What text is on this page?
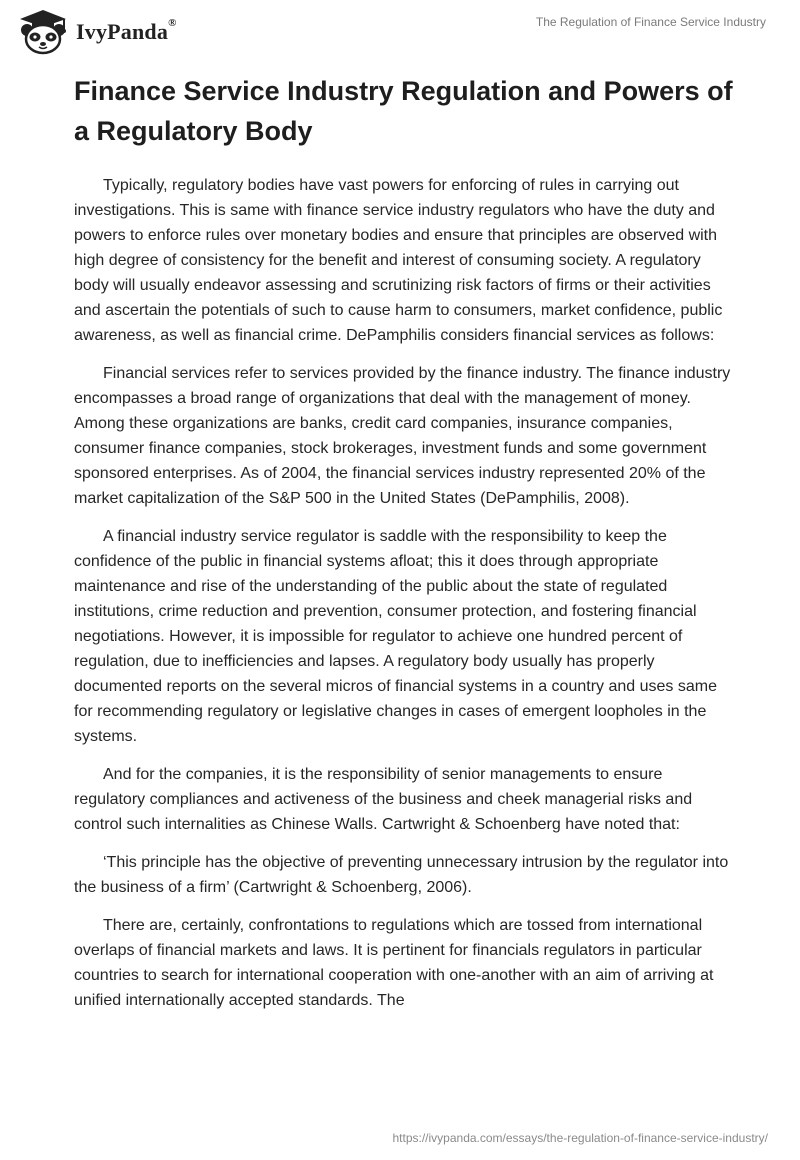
IvyPanda®	The Regulation of Finance Service Industry
Finance Service Industry Regulation and Powers of a Regulatory Body

Typically, regulatory bodies have vast powers for enforcing of rules in carrying out investigations. This is same with finance service industry regulators who have the duty and powers to enforce rules over monetary bodies and ensure that principles are observed with high degree of consistency for the benefit and interest of consuming society. A regulatory body will usually endeavor assessing and scrutinizing risk factors of firms or their activities and ascertain the potentials of such to cause harm to consumers, market confidence, public awareness, as well as financial crime. DePamphilis considers financial services as follows:

Financial services refer to services provided by the finance industry. The finance industry encompasses a broad range of organizations that deal with the management of money. Among these organizations are banks, credit card companies, insurance companies, consumer finance companies, stock brokerages, investment funds and some government sponsored enterprises. As of 2004, the financial services industry represented 20% of the market capitalization of the S&P 500 in the United States (DePamphilis, 2008).

A financial industry service regulator is saddle with the responsibility to keep the confidence of the public in financial systems afloat; this it does through appropriate maintenance and rise of the understanding of the public about the state of regulated institutions, crime reduction and prevention, consumer protection, and fostering financial negotiations. However, it is impossible for regulator to achieve one hundred percent of regulation, due to inefficiencies and lapses. A regulatory body usually has properly documented reports on the several micros of financial systems in a country and uses same for recommending regulatory or legislative changes in cases of emergent loopholes in the systems.

And for the companies, it is the responsibility of senior managements to ensure regulatory compliances and activeness of the business and cheek managerial risks and control such internalities as Chinese Walls. Cartwright & Schoenberg have noted that:

‘This principle has the objective of preventing unnecessary intrusion by the regulator into the business of a firm’ (Cartwright & Schoenberg, 2006).

There are, certainly, confrontations to regulations which are tossed from international overlaps of financial markets and laws. It is pertinent for financials regulators in particular countries to search for international cooperation with one-another with an aim of arriving at unified internationally accepted standards. The

https://ivypanda.com/essays/the-regulation-of-finance-service-industry/
